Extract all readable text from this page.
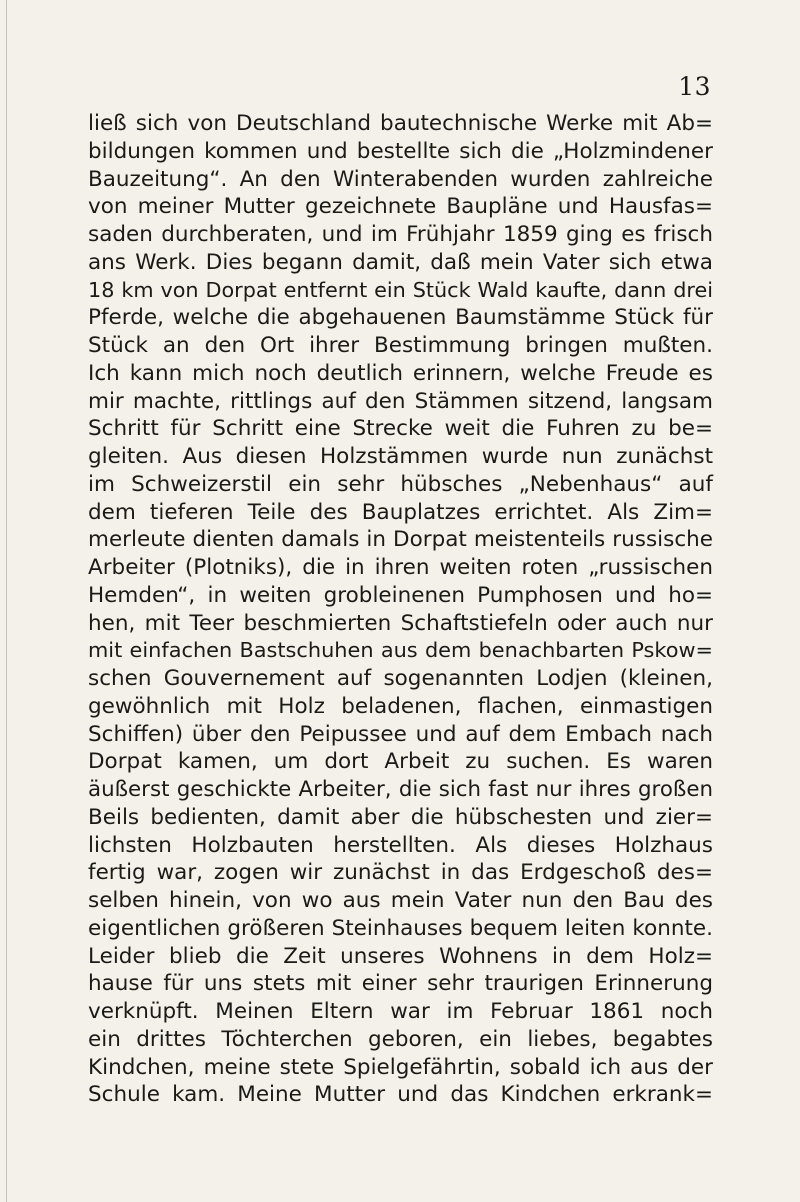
13
ließ sich von Deutschland bautechnische Werke mit Ab=
bildungen kommen und bestellte sich die „Holzmindener
Bauzeitung“. An den Winterabenden wurden zahlreiche
von meiner Mutter gezeichnete Baupläne und Hausfas=
saden durchberaten, und im Frühjahr 1859 ging es frisch
ans Werk. Dies begann damit, daß mein Vater sich etwa
18 km von Dorpat entfernt ein Stück Wald kaufte, dann drei
Pferde, welche die abgehauenen Baumstämme Stück für
Stück an den Ort ihrer Bestimmung bringen mußten.
Ich kann mich noch deutlich erinnern, welche Freude es
mir machte, rittlings auf den Stämmen sitzend, langsam
Schritt für Schritt eine Strecke weit die Fuhren zu be=
gleiten. Aus diesen Holzstämmen wurde nun zunächst
im Schweizerstil ein sehr hübsches „Nebenhaus“ auf
dem tieferen Teile des Bauplatzes errichtet. Als Zim=
merleute dienten damals in Dorpat meistenteils russische
Arbeiter (Plotniks), die in ihren weiten roten „russischen
Hemden“, in weiten grobleinenen Pumphosen und ho=
hen, mit Teer beschmierten Schaftstiefeln oder auch nur
mit einfachen Bastschuhen aus dem benachbarten Pskow=
schen Gouvernement auf sogenannten Lodjen (kleinen,
gewöhnlich mit Holz beladenen, flachen, einmastigen
Schiffen) über den Peipussee und auf dem Embach nach
Dorpat kamen, um dort Arbeit zu suchen. Es waren
äußerst geschickte Arbeiter, die sich fast nur ihres großen
Beils bedienten, damit aber die hübschesten und zier=
lichsten Holzbauten herstellten. Als dieses Holzhaus
fertig war, zogen wir zunächst in das Erdgeschoß des=
selben hinein, von wo aus mein Vater nun den Bau des
eigentlichen größeren Steinhauses bequem leiten konnte.
Leider blieb die Zeit unseres Wohnens in dem Holz=
hause für uns stets mit einer sehr traurigen Erinnerung
verknüpft. Meinen Eltern war im Februar 1861 noch
ein drittes Töchterchen geboren, ein liebes, begabtes
Kindchen, meine stete Spielgefährtin, sobald ich aus der
Schule kam. Meine Mutter und das Kindchen erkrank=
